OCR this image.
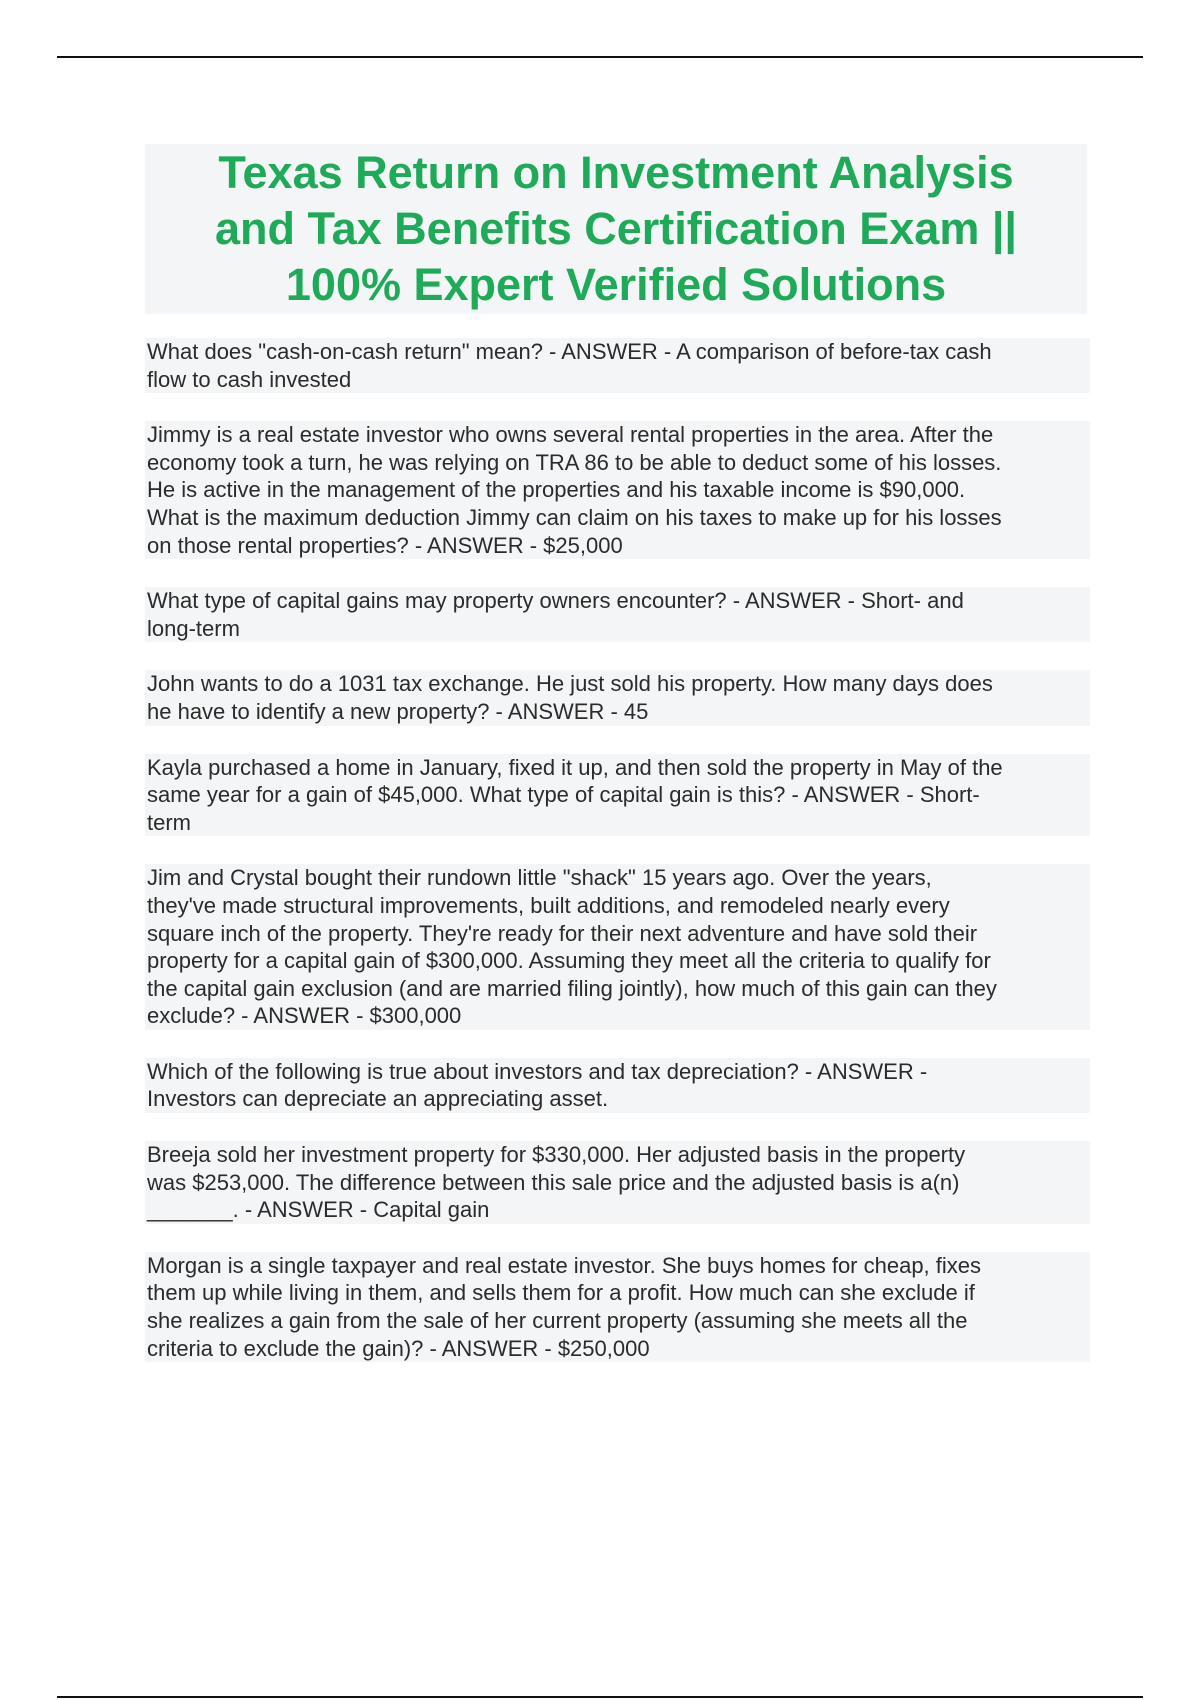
Texas Return on Investment Analysis
and Tax Benefits Certification Exam ||
100% Expert Verified Solutions
What does "cash-on-cash return" mean? - ANSWER - A comparison of before-tax cash
flow to cash invested
Jimmy is a real estate investor who owns several rental properties in the area. After the
economy took a turn, he was relying on TRA 86 to be able to deduct some of his losses.
He is active in the management of the properties and his taxable income is $90,000.
What is the maximum deduction Jimmy can claim on his taxes to make up for his losses
on those rental properties? - ANSWER - $25,000
What type of capital gains may property owners encounter? - ANSWER - Short- and
long-term
John wants to do a 1031 tax exchange. He just sold his property. How many days does
he have to identify a new property? - ANSWER - 45
Kayla purchased a home in January, fixed it up, and then sold the property in May of the
same year for a gain of $45,000. What type of capital gain is this? - ANSWER - Short-
term
Jim and Crystal bought their rundown little "shack" 15 years ago. Over the years,
they've made structural improvements, built additions, and remodeled nearly every
square inch of the property. They're ready for their next adventure and have sold their
property for a capital gain of $300,000. Assuming they meet all the criteria to qualify for
the capital gain exclusion (and are married filing jointly), how much of this gain can they
exclude? - ANSWER - $300,000
Which of the following is true about investors and tax depreciation? - ANSWER -
Investors can depreciate an appreciating asset.
Breeja sold her investment property for $330,000. Her adjusted basis in the property
was $253,000. The difference between this sale price and the adjusted basis is a(n)
_______. - ANSWER - Capital gain
Morgan is a single taxpayer and real estate investor. She buys homes for cheap, fixes
them up while living in them, and sells them for a profit. How much can she exclude if
she realizes a gain from the sale of her current property (assuming she meets all the
criteria to exclude the gain)? - ANSWER - $250,000
